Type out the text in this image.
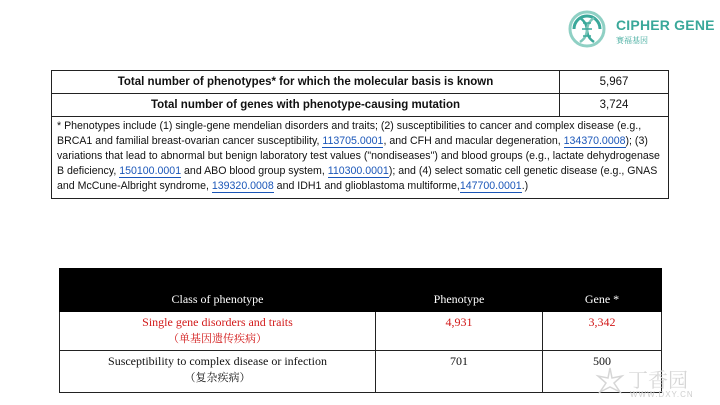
CIPHER GENE
赛福基因
Total number of phenotypes* for which the molecular basis is known	5,967
Total number of genes with phenotype-causing mutation	3,724
* Phenotypes include (1) single-gene mendelian disorders and traits; (2) susceptibilities to cancer and complex disease (e.g., BRCA1 and familial breast-ovarian cancer susceptibility, 113705.0001, and CFH and macular degeneration, 134370.0008); (3) variations that lead to abnormal but benign laboratory test values ("nondiseases") and blood groups (e.g., lactate dehydrogenase B deficiency, 150100.0001 and ABO blood group system, 110300.0001); and (4) select somatic cell genetic disease (e.g., GNAS and McCune-Albright syndrome, 139320.0008 and IDH1 and glioblastoma multiforme,147700.0001.)	
Class of phenotype	Phenotype	Gene *
Single gene disorders and traits
（单基因遗传疾病）	4,931	3,342
Susceptibility to complex disease or infection
（复杂疾病）	701	500
丁香园
WWW.DXY.CN
